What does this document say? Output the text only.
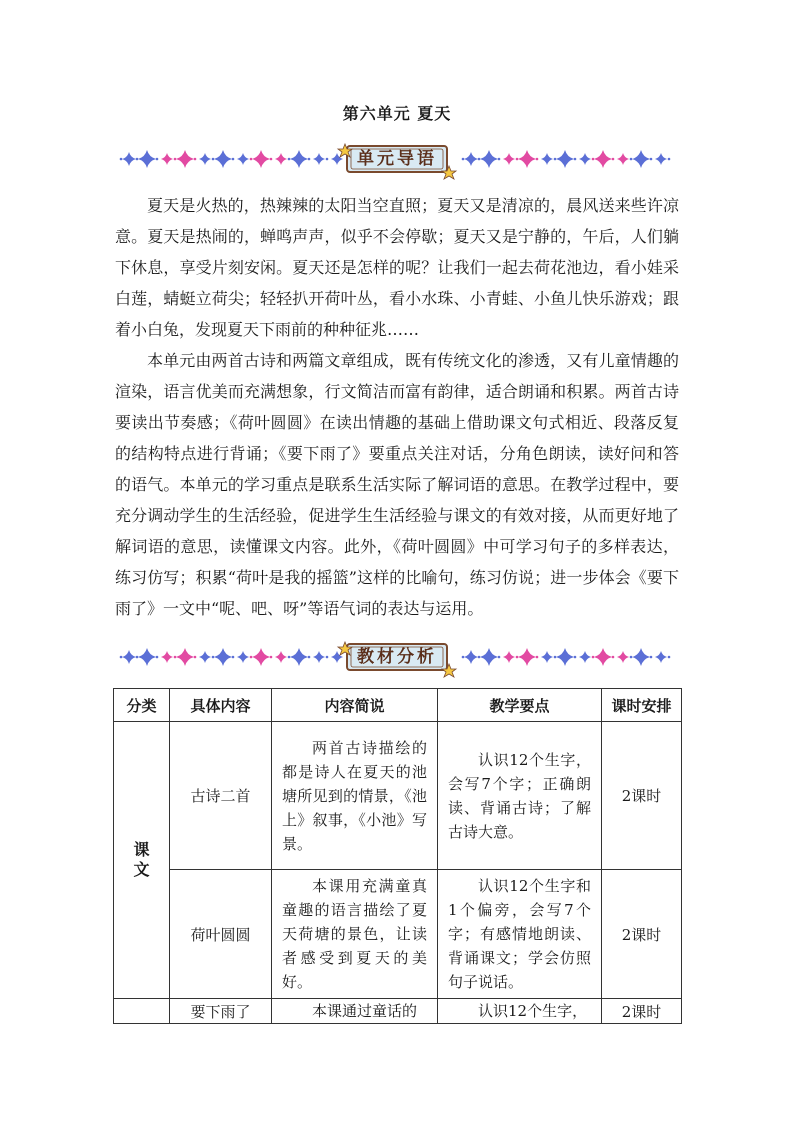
第六单元 夏天
单元导语

夏天是火热的，热辣辣的太阳当空直照；夏天又是清凉的，晨风送来些许凉意。夏天是热闹的，蝉鸣声声，似乎不会停歇；夏天又是宁静的，午后，人们躺下休息，享受片刻安闲。夏天还是怎样的呢？让我们一起去荷花池边，看小娃采白莲，蜻蜓立荷尖；轻轻扒开荷叶丛，看小水珠、小青蛙、小鱼儿快乐游戏；跟着小白兔，发现夏天下雨前的种种征兆……

本单元由两首古诗和两篇文章组成，既有传统文化的渗透，又有儿童情趣的渲染，语言优美而充满想象，行文简洁而富有韵律，适合朗诵和积累。两首古诗要读出节奏感；《荷叶圆圆》在读出情趣的基础上借助课文句式相近、段落反复的结构特点进行背诵；《要下雨了》要重点关注对话，分角色朗读，读好问和答的语气。本单元的学习重点是联系生活实际了解词语的意思。在教学过程中，要充分调动学生的生活经验，促进学生生活经验与课文的有效对接，从而更好地了解词语的意思，读懂课文内容。此外，《荷叶圆圆》中可学习句子的多样表达，练习仿写；积累“荷叶是我的摇篮”这样的比喻句，练习仿说；进一步体会《要下雨了》一文中“呢、吧、呀”等语气词的表达与运用。

教材分析
分类	具体内容	内容简说	教学要点	课时安排

课文	古诗二首	两首古诗描绘的都是诗人在夏天的池塘所见到的情景，《池上》叙事，《小池》写景。	认识12个生字，会写7个字；正确朗读、背诵古诗；了解古诗大意。	2课时
	荷叶圆圆	本课用充满童真童趣的语言描绘了夏天荷塘的景色，让读者感受到夏天的美好。	认识12个生字和1个偏旁，会写7个字；有感情地朗读、背诵课文；学会仿照句子说话。	2课时
	要下雨了	本课通过童话的	认识12个生字，	2课时
